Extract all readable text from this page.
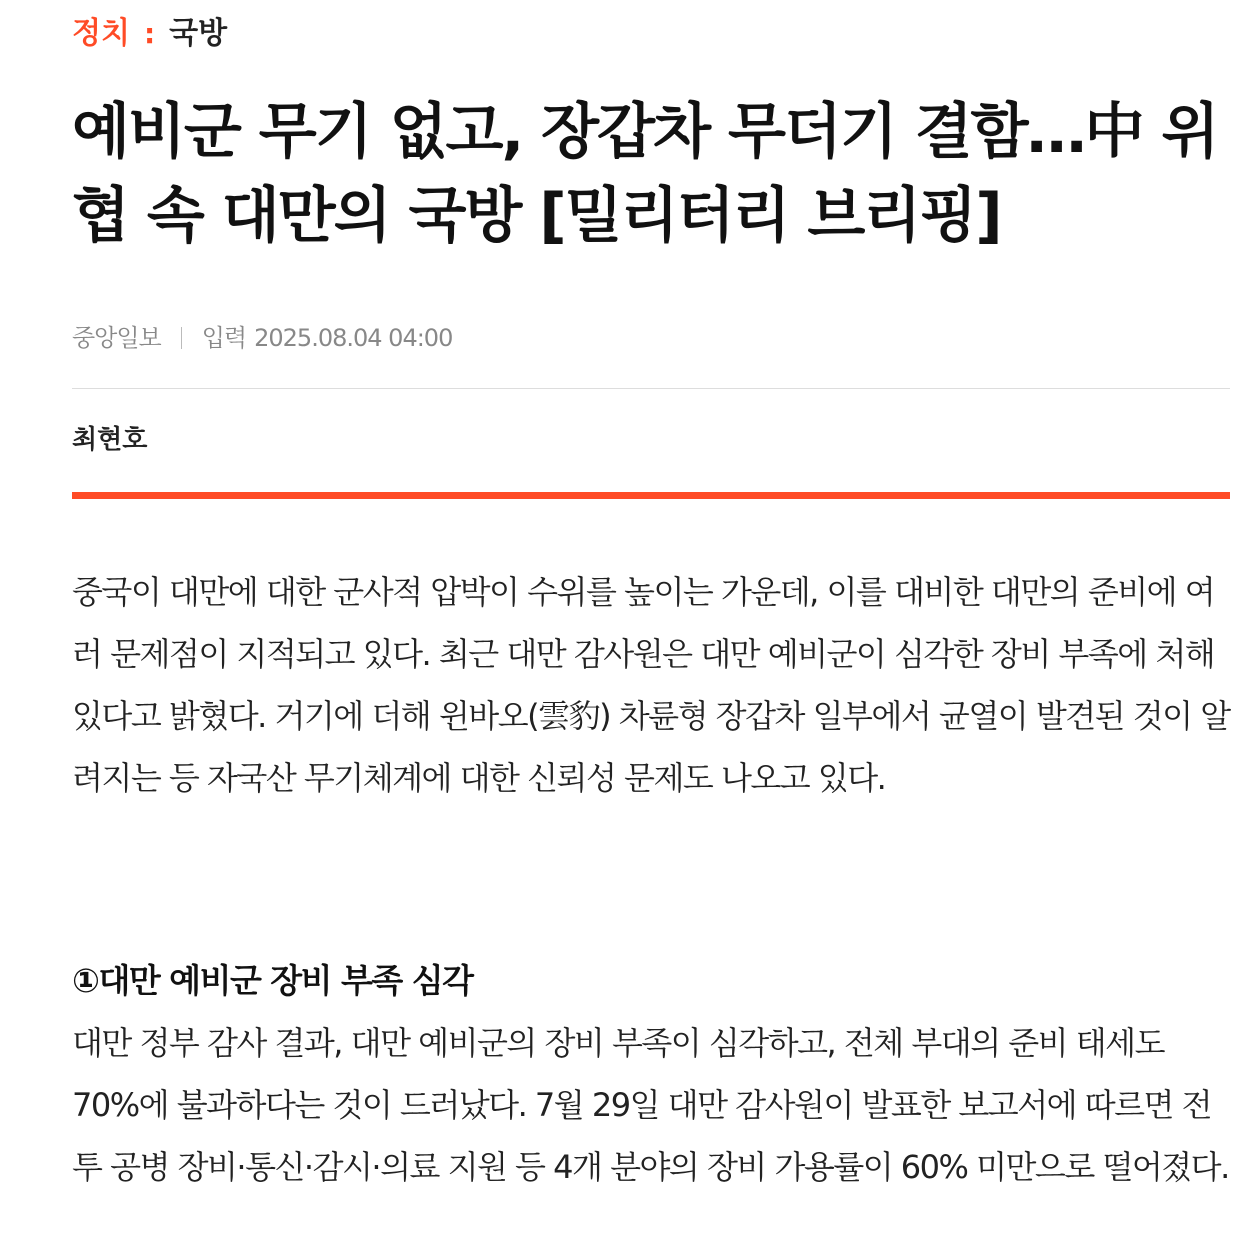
정치 : 국방
예비군 무기 없고, 장갑차 무더기 결함…中 위협 속 대만의 국방 [밀리터리 브리핑]
중앙일보 입력 2025.08.04 04:00
최현호

중국이 대만에 대한 군사적 압박이 수위를 높이는 가운데, 이를 대비한 대만의 준비에 여러 문제점이 지적되고 있다. 최근 대만 감사원은 대만 예비군이 심각한 장비 부족에 처해있다고 밝혔다. 거기에 더해 윈바오(雲豹) 차륜형 장갑차 일부에서 균열이 발견된 것이 알려지는 등 자국산 무기체계에 대한 신뢰성 문제도 나오고 있다.

①대만 예비군 장비 부족 심각

대만 정부 감사 결과, 대만 예비군의 장비 부족이 심각하고, 전체 부대의 준비 태세도 70%에 불과하다는 것이 드러났다. 7월 29일 대만 감사원이 발표한 보고서에 따르면 전투 공병 장비·통신·감시·의료 지원 등 4개 분야의 장비 가용률이 60% 미만으로 떨어졌다.
